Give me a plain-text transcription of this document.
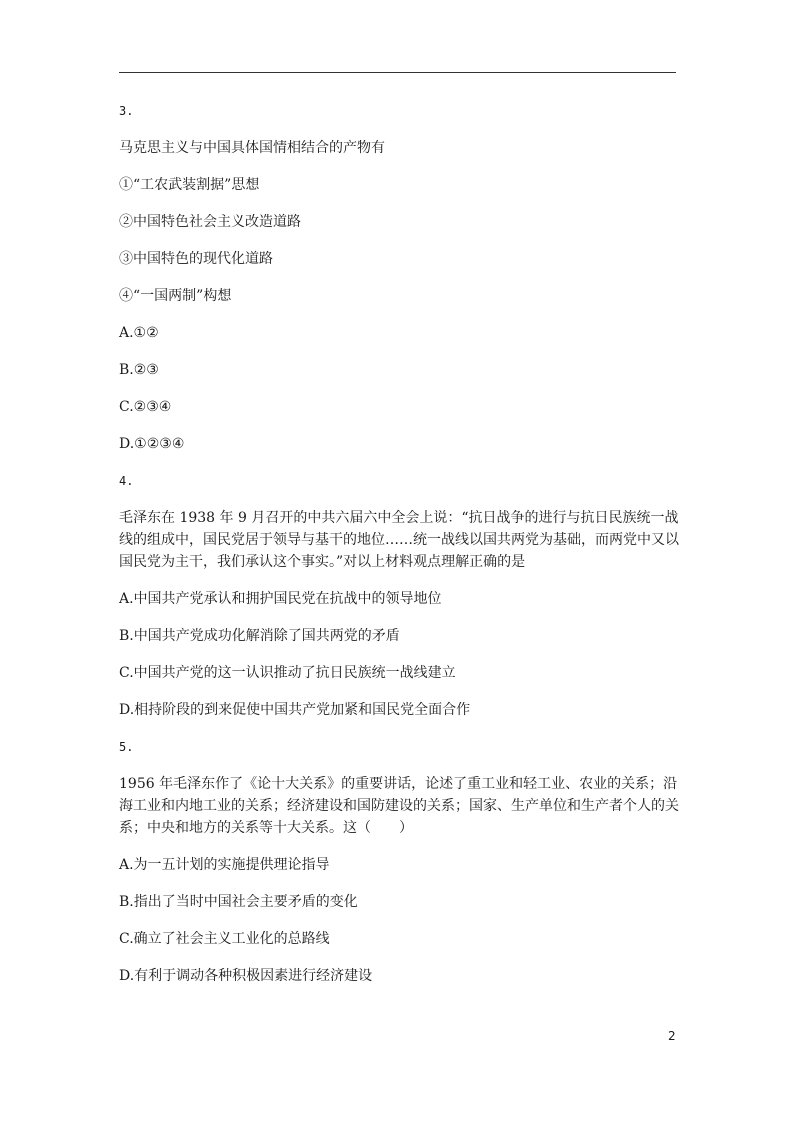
3.
马克思主义与中国具体国情相结合的产物有
①“工农武装割据”思想
②中国特色社会主义改造道路
③中国特色的现代化道路
④“一国两制”构想
A.①②
B.②③
C.②③④
D.①②③④
4.
毛泽东在 1938 年 9 月召开的中共六届六中全会上说：“抗日战争的进行与抗日民族统一战
线的组成中，国民党居于领导与基干的地位……统一战线以国共两党为基础，而两党中又以
国民党为主干，我们承认这个事实。”对以上材料观点理解正确的是
A.中国共产党承认和拥护国民党在抗战中的领导地位
B.中国共产党成功化解消除了国共两党的矛盾
C.中国共产党的这一认识推动了抗日民族统一战线建立
D.相持阶段的到来促使中国共产党加紧和国民党全面合作
5.
1956 年毛泽东作了《论十大关系》的重要讲话，论述了重工业和轻工业、农业的关系；沿
海工业和内地工业的关系；经济建设和国防建设的关系；国家、生产单位和生产者个人的关
系；中央和地方的关系等十大关系。这（　　）
A.为一五计划的实施提供理论指导
B.指出了当时中国社会主要矛盾的变化
C.确立了社会主义工业化的总路线
D.有利于调动各种积极因素进行经济建设
2
